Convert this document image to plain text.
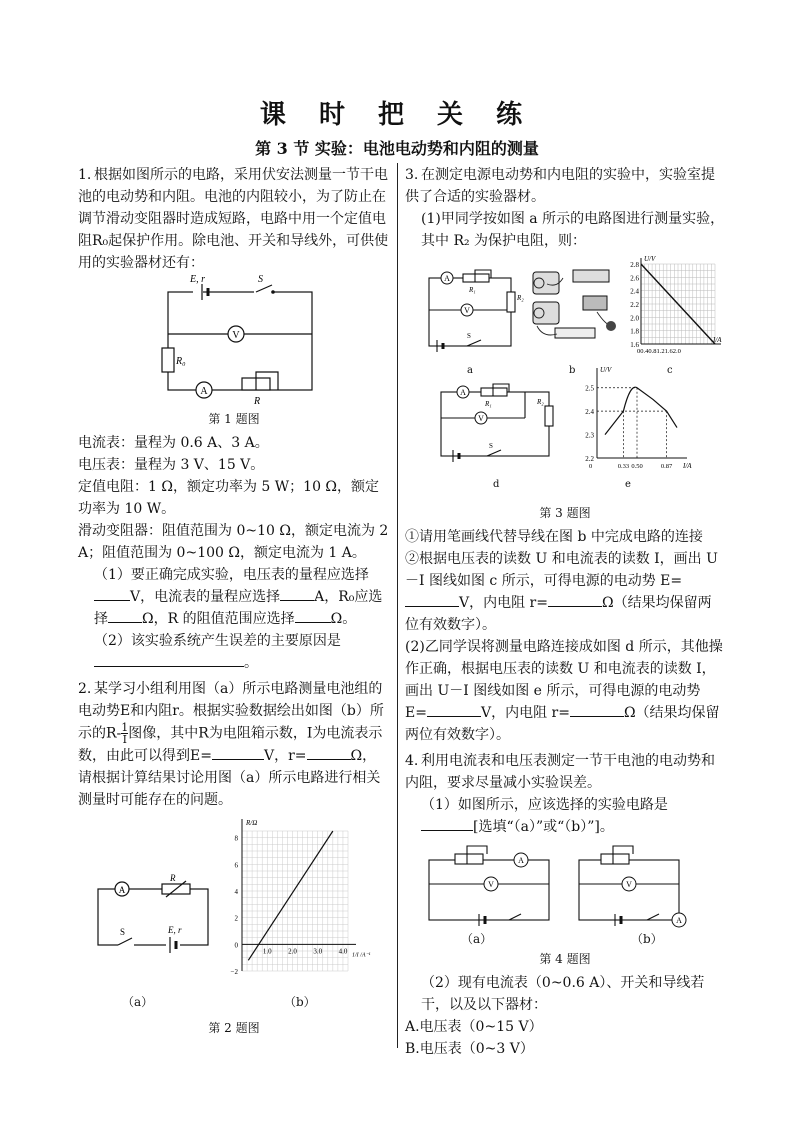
课 时 把 关 练
第 3 节 实验：电池电动势和内阻的测量

1. 根据如图所示的电路，采用伏安法测量一节干电池的电动势和内阻。电池的内阻较小，为了防止在调节滑动变阻器时造成短路，电路中用一个定值电阻R₀起保护作用。除电池、开关和导线外，可供使用的实验器材还有：

V
A
E, r	S
R₀
R

第 1 题图

电流表：量程为 0.6 A、3 A。

电压表：量程为 3 V、15 V。

定值电阻：1 Ω，额定功率为 5 W；10 Ω，额定功率为 10 W。

滑动变阻器：阻值范围为 0~10 Ω，额定电流为 2 A；阻值范围为 0~100 Ω，额定电流为 1 A。

（1）要正确完成实验，电压表的量程应选择V，电流表的量程应选择 A，R₀应选择 Ω，R 的阻值范围应选择	Ω。

（2）该实验系统产生误差的主要原因是。

2. 某学习小组利用图（a）所示电路测量电池组的电动势E和内阻r。根据实验数据绘出如图（b）所示的$R- \frac{1}{I}$ 图像，其中R为电阻箱示数，I为电流表示数，由此可以得到E=	V，r=	Ω，请根据计算结果讨论用图（a）所示电路进行相关测量时可能存在的问题。

A
R
S	E, r
8
6
4
2
0
−2
1.0 2.0 3.0 4.0
R/Ω
1/I /A⁻¹
（a）	（b）

第 2 题图

3. 在测定电源电动势和内电阻的实验中，实验室提供了合适的实验器材。

(1)甲同学按如图 a 所示的电路图进行测量实验，其中 R₂ 为保护电阻，则：

A
V
R₁
R₂
S
a	b
2.8
2.6
2.4
2.2
2.0
1.8
1.6
00.40.81.21.62.0
U/V
I/A
c
A
V
R₁	R₂
S
d
2.5
2.4
2.3
2.2
0	0.33 0.50	0.87
U/V
I/A
e

第 3 题图

①请用笔画线代替导线在图 b 中完成电路的连接

②根据电压表的读数 U 和电流表的读数 I，画出 U－I 图线如图 c 所示，可得电源的电动势 E=V，内电阻 r=	Ω（结果均保留两位有效数字）。

(2)乙同学误将测量电路连接成如图 d 所示，其他操作正确，根据电压表的读数 U 和电流表的读数 I，画出 U－I 图线如图 e 所示，可得电源的电动势 E=	V，内电阻 r=	Ω（结果均保留两位有效数字）。

4. 利用电流表和电压表测定一节干电池的电动势和内阻，要求尽量减小实验误差。

（1）如图所示，应该选择的实验电路是
[选填“（a）”或“（b）”]。

A
V	V
A
（a）	（b）

第 4 题图

（2）现有电流表（0~0.6 A）、开关和导线若干，以及以下器材：

A.电压表（0~15 V）

B.电压表（0~3 V）
